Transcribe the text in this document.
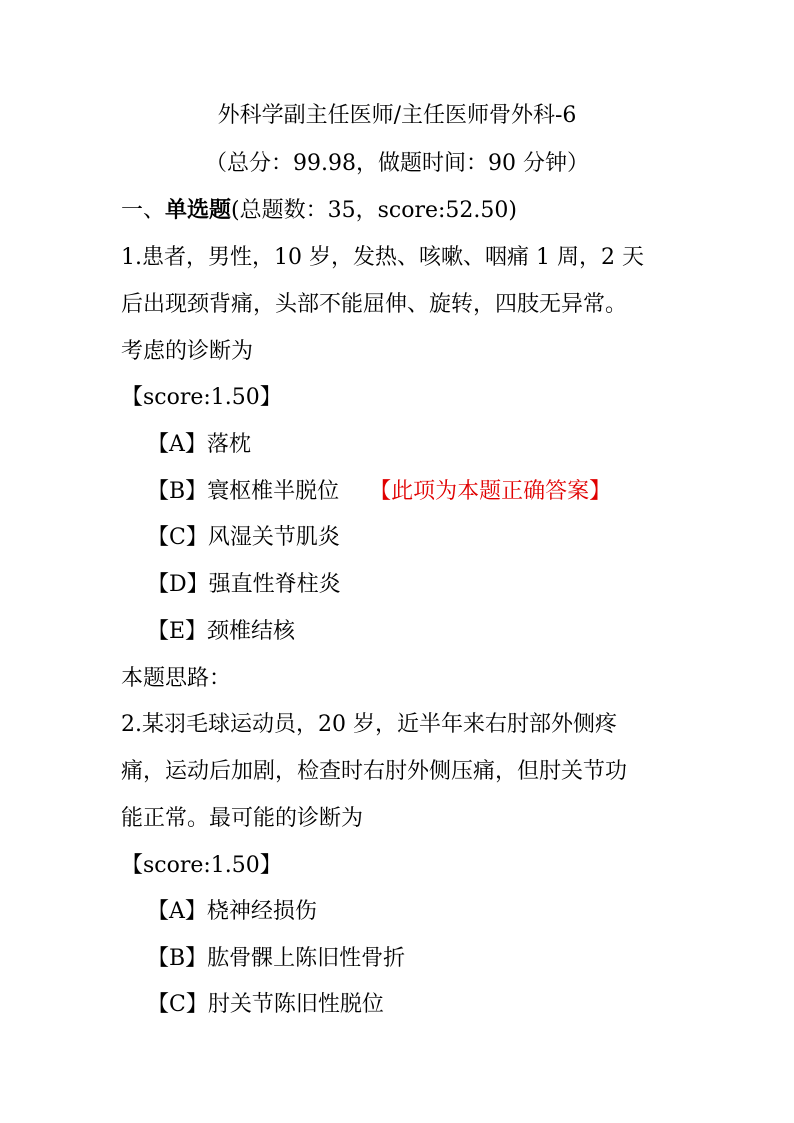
外科学副主任医师/主任医师骨外科-6
（总分：99.98，做题时间：90 分钟）
一、单选题(总题数：35，score:52.50)
1.患者，男性，10 岁，发热、咳嗽、咽痛 1 周，2 天
后出现颈背痛，头部不能屈伸、旋转，四肢无异常。
考虑的诊断为
【score:1.50】
【A】落枕
【B】寰枢椎半脱位 【此项为本题正确答案】
【C】风湿关节肌炎
【D】强直性脊柱炎
【E】颈椎结核
本题思路：
2.某羽毛球运动员，20 岁，近半年来右肘部外侧疼
痛，运动后加剧，检查时右肘外侧压痛，但肘关节功
能正常。最可能的诊断为
【score:1.50】
【A】桡神经损伤
【B】肱骨髁上陈旧性骨折
【C】肘关节陈旧性脱位
